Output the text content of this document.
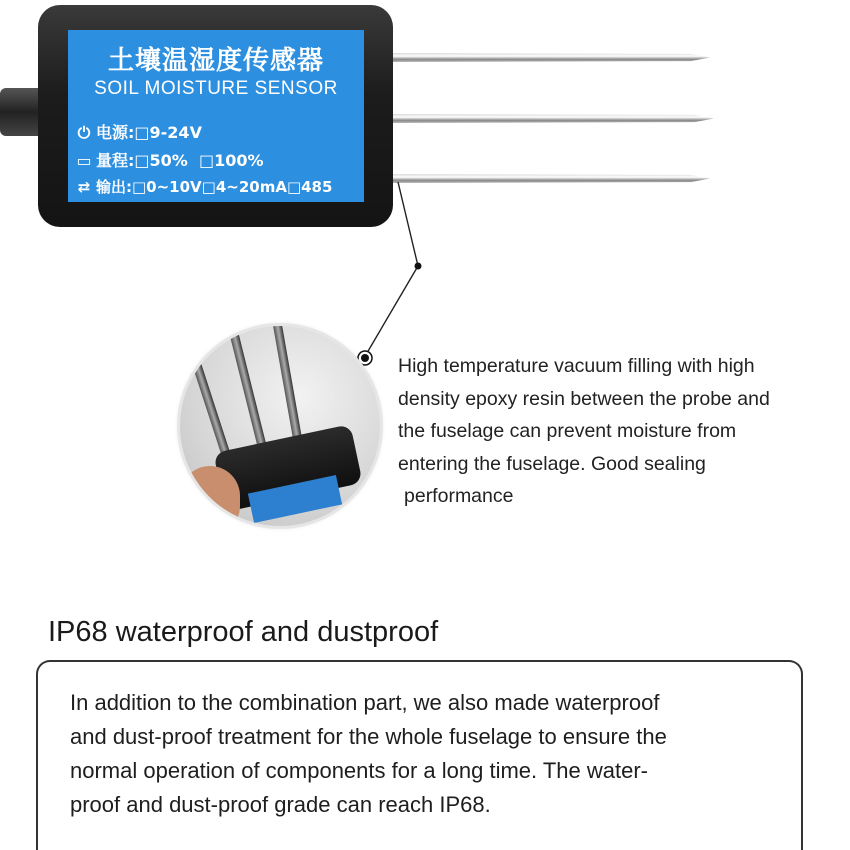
土壤温湿度传感器
SOIL MOISTURE SENSOR
⏻ 电源:□9-24V
▭ 量程:□50%  □100%
⇄ 输出:□0~10V□4~20mA□485
High temperature vacuum filling with high
density epoxy resin between the probe and
the fuselage can prevent moisture from
entering the fuselage. Good sealing
performance
IP68 waterproof and dustproof
In addition to the combination part, we also made waterproof
and dust-proof treatment for the whole fuselage to ensure the
normal operation of components for a long time. The water-
proof and dust-proof grade can reach IP68.
